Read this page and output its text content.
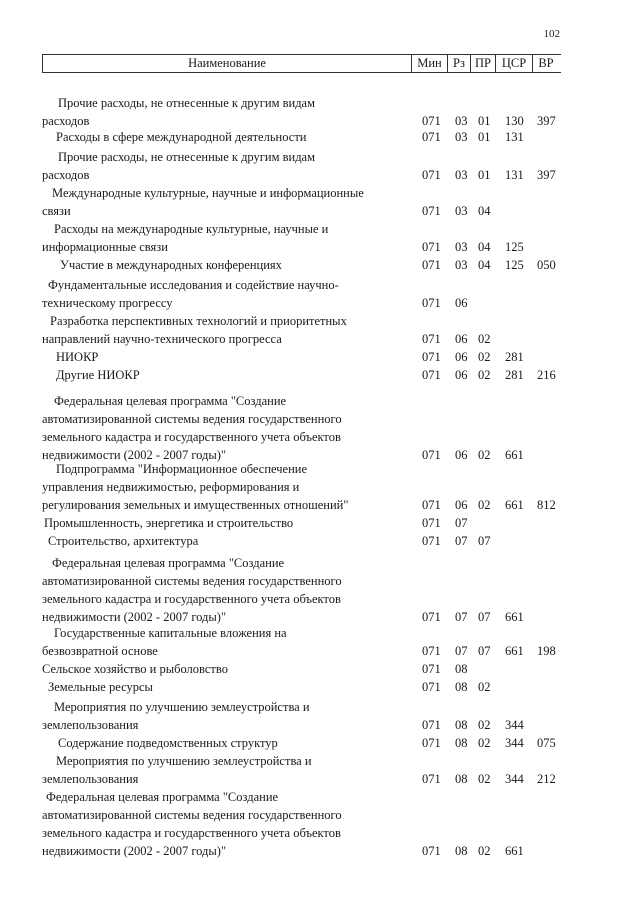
102
Наименование	Мин Рз ПР ЦСР ВР
Прочие расходы, не отнесенные к другим видам
расходов	071 03 01 130 397
Расходы в сфере международной деятельности	071 03 01 131
Прочие расходы, не отнесенные к другим видам
расходов	071 03 01 131 397
Международные культурные, научные и информационные
связи	071 03 04
Расходы на международные культурные, научные и
информационные связи	071 03 04 125
Участие в международных конференциях	071 03 04 125 050
Фундаментальные исследования и содействие научно-
техническому прогрессу	071 06
Разработка перспективных технологий и приоритетных
направлений научно-технического прогресса	071 06 02
НИОКР	071 06 02 281
Другие НИОКР	071 06 02 281 216
Федеральная целевая программа "Создание
автоматизированной системы ведения государственного
земельного кадастра и государственного учета объектов
недвижимости (2002 - 2007 годы)"	071 06 02 661
Подпрограмма "Информационное обеспечение
управления недвижимостью, реформирования и
регулирования земельных и имущественных отношений"	071 06 02 661 812
Промышленность, энергетика и строительство	071 07
Строительство, архитектура	071 07 07
Федеральная целевая программа "Создание
автоматизированной системы ведения государственного
земельного кадастра и государственного учета объектов
недвижимости (2002 - 2007 годы)"	071 07 07 661
Государственные капитальные вложения на
безвозвратной основе	071 07 07 661 198
Сельское хозяйство и рыболовство	071 08
Земельные ресурсы	071 08 02
Мероприятия по улучшению землеустройства и
землепользования	071 08 02 344
Содержание подведомственных структур	071 08 02 344 075
Мероприятия по улучшению землеустройства и
землепользования	071 08 02 344 212
Федеральная целевая программа "Создание
автоматизированной системы ведения государственного
земельного кадастра и государственного учета объектов
недвижимости (2002 - 2007 годы)"	071 08 02 661
